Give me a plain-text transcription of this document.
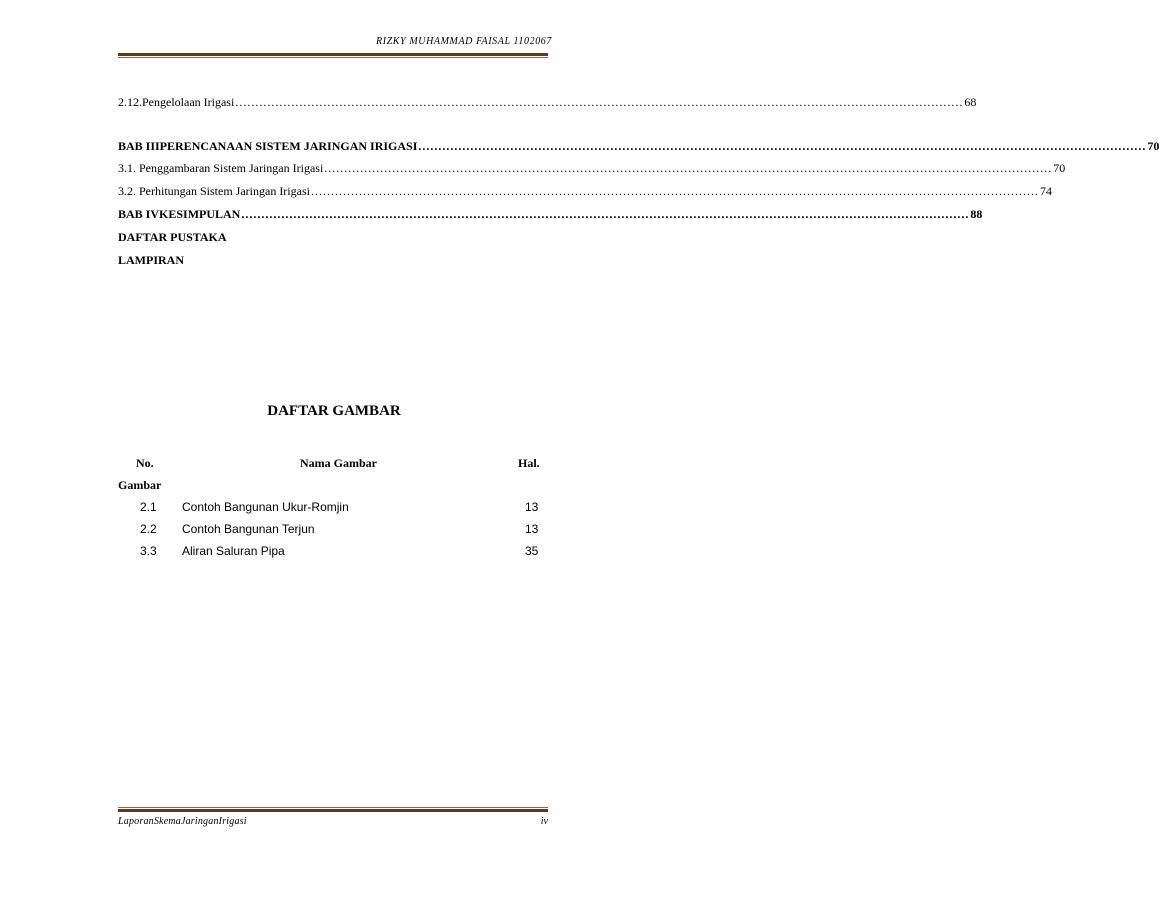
RIZKY MUHAMMAD FAISAL 1102067
2.12.Pengelolaan Irigasi ...................................................................................................................................................................................... 68
BAB IIIPERENCANAAN SISTEM JARINGAN IRIGASI ...................................................................................................................................................................................... 70
3.1. Penggambaran Sistem Jaringan Irigasi ...................................................................................................................................................................................... 70
3.2. Perhitungan Sistem Jaringan Irigasi ...................................................................................................................................................................................... 74
BAB IVKESIMPULAN ...................................................................................................................................................................................... 88
DAFTAR PUSTAKA
LAMPIRAN
DAFTAR GAMBAR
No.	Nama Gambar	Hal.
Gambar
2.1 Contoh Bangunan Ukur-Romjin	13
2.2 Contoh Bangunan Terjun	13
3.3 Aliran Saluran Pipa	35
LaporanSkemaJaringanIrigasi	iv
